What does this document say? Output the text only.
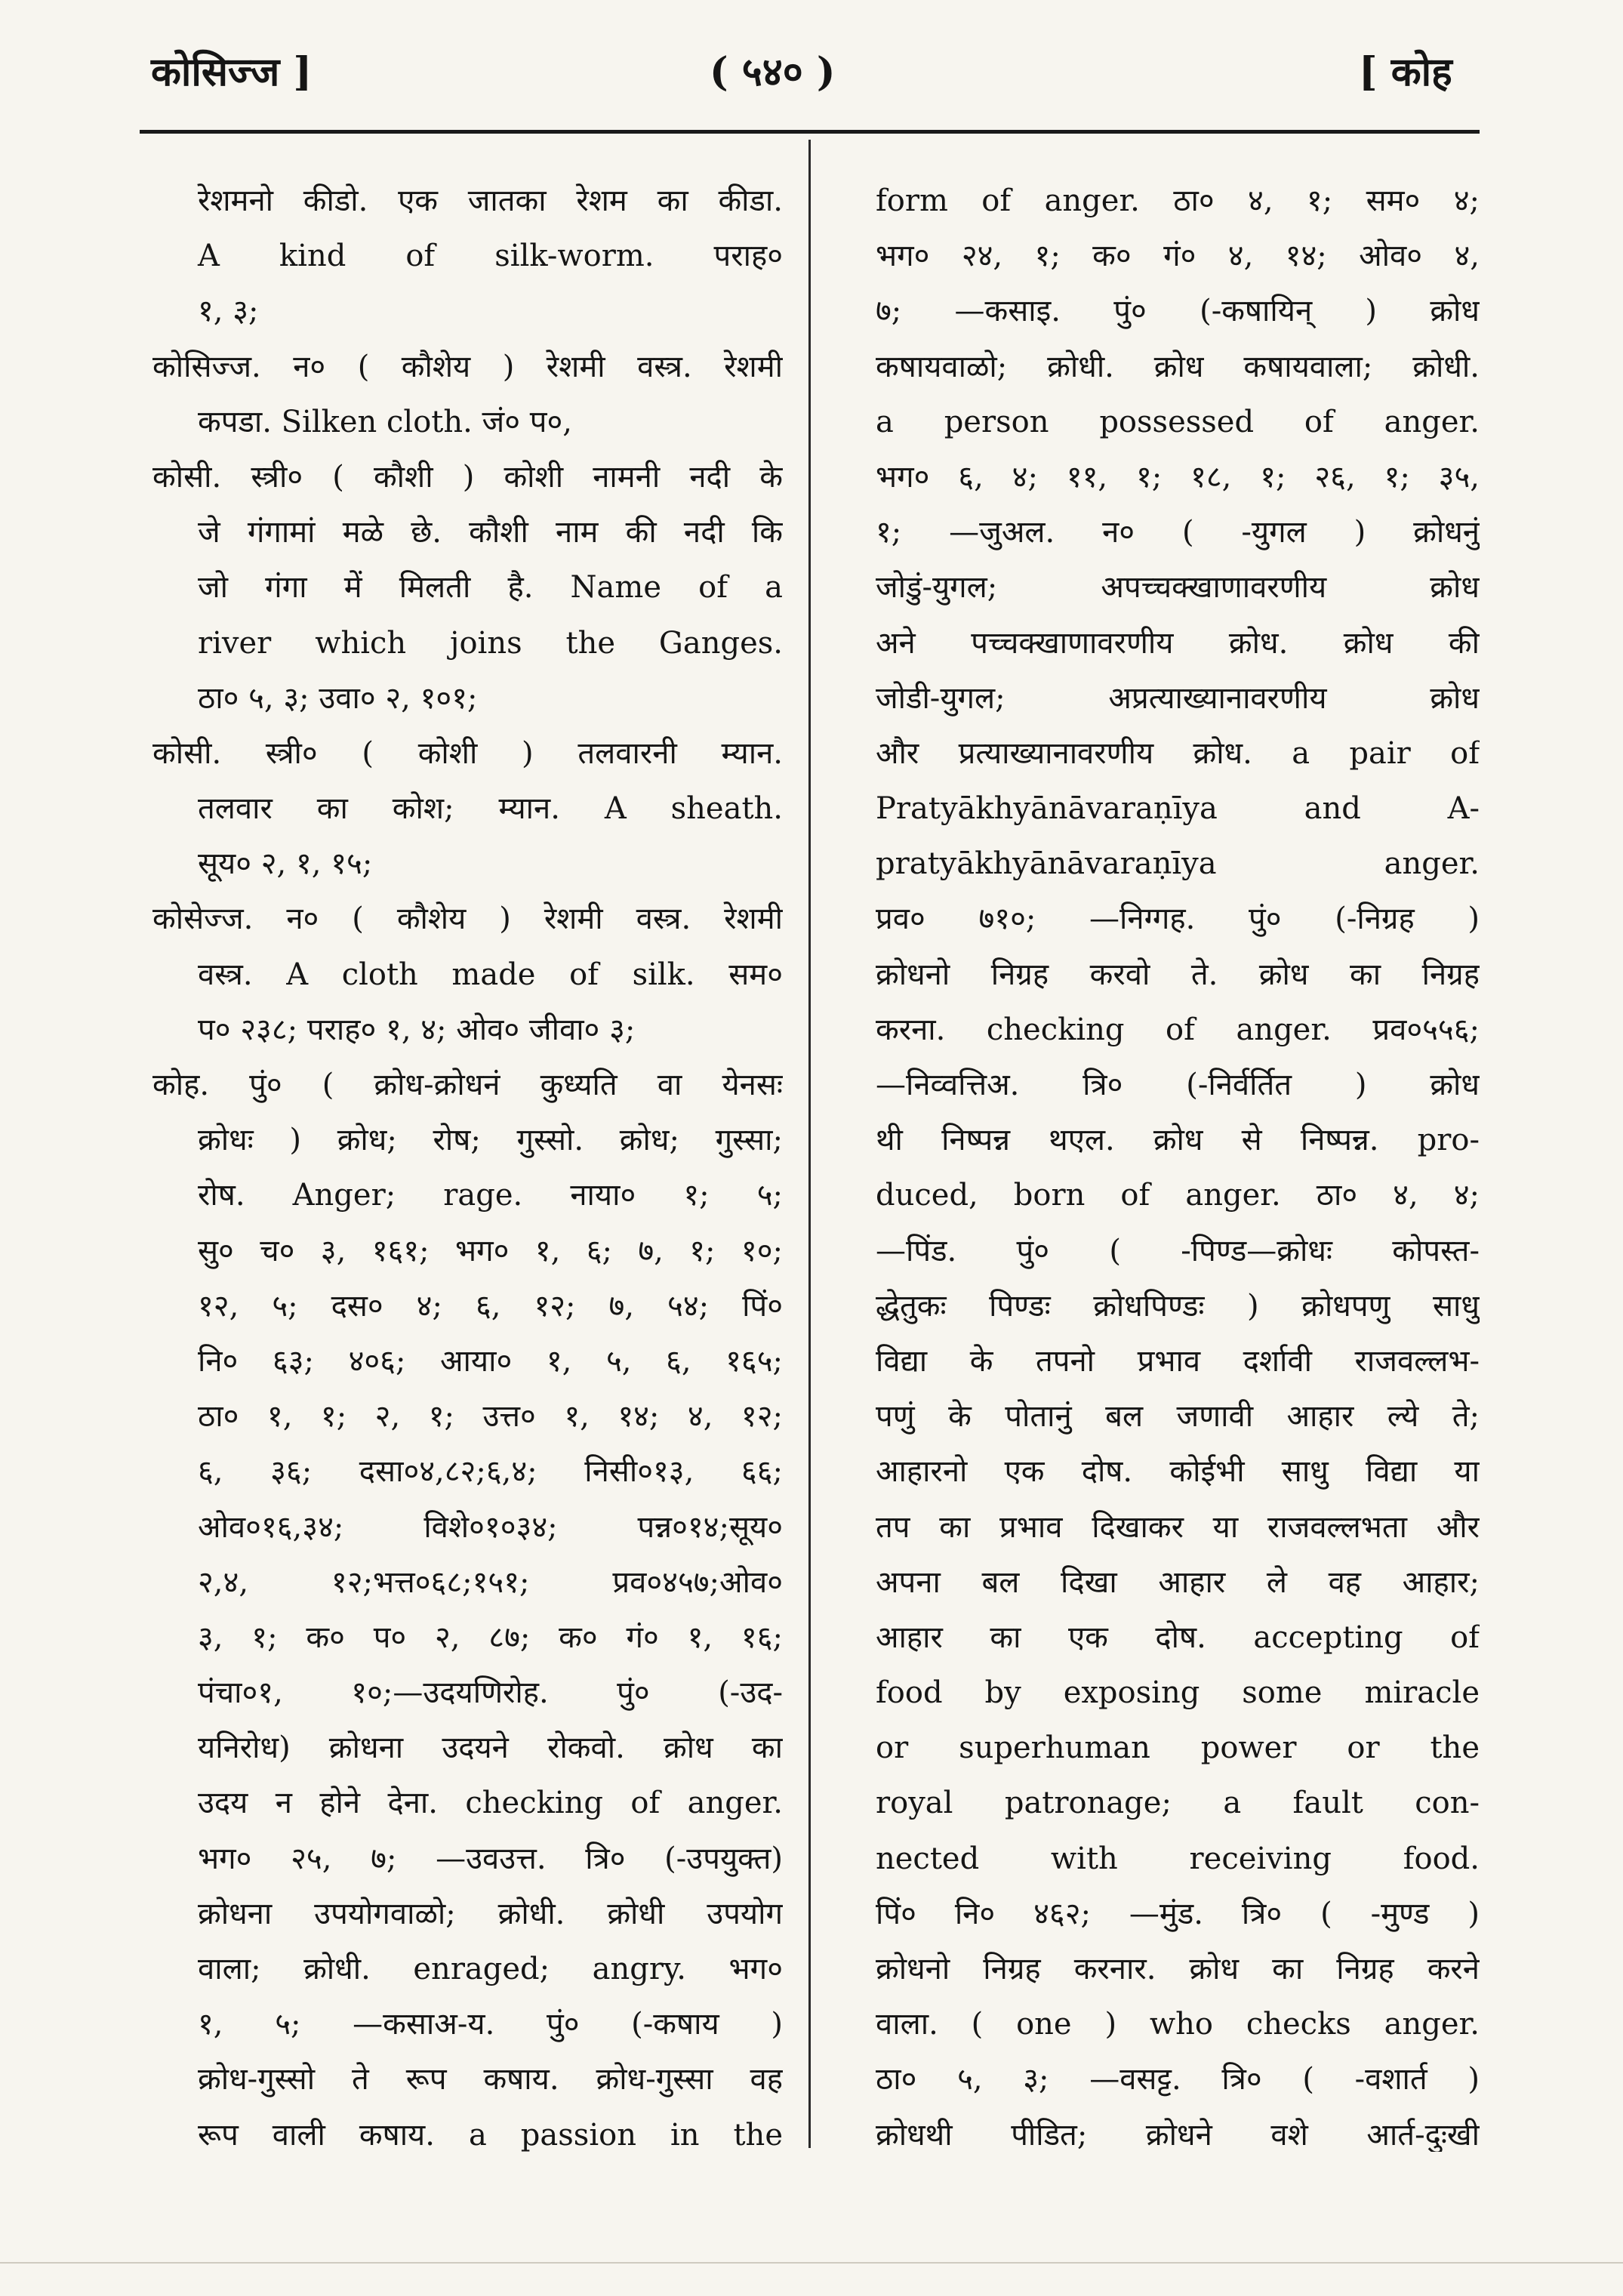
कोसिज्ज ]	( ५४० )	[ कोह
रेशमनो कीडो. एक जातका रेशम का कीडा.
A kind of silk-worm. पराह०
१, ३;
कोसिज्ज. न० ( कौशेय ) रेशमी वस्त्र. रेशमी
कपडा. Silken cloth. जं० प०,
कोसी. स्त्री० ( कौशी ) कोशी नामनी नदी के
जे गंगामां मळे छे. कौशी नाम की नदी कि
जो गंगा में मिलती है. Name of a
river which joins the Ganges.
ठा० ५, ३; उवा० २, १०१;
कोसी. स्त्री० ( कोशी ) तलवारनी म्यान.
तलवार का कोश; म्यान. A sheath.
सूय० २, १, १५;
कोसेज्ज. न० ( कौशेय ) रेशमी वस्त्र. रेशमी
वस्त्र. A cloth made of silk. सम०
प० २३८; पराह० १, ४; ओव० जीवा० ३;
कोह. पुं० ( क्रोध-क्रोधनं कुध्यति वा येनसः
क्रोधः ) क्रोध; रोष; गुस्सो. क्रोध; गुस्सा;
रोष. Anger; rage. नाया० १; ५;
सु० च० ३, १६१; भग० १, ६; ७, १; १०;
१२, ५; दस० ४; ६, १२; ७, ५४; पिं०
नि० ६३; ४०६; आया० १, ५, ६, १६५;
ठा० १, १; २, १; उत्त० १, १४; ४, १२;
६, ३६; दसा०४,८२;६,४; निसी०१३, ६६;
ओव०१६,३४; विशे०१०३४; पन्न०१४;सूय०
२,४, १२;भत्त०६८;१५१; प्रव०४५७;ओव०
३, १; क० प० २, ८७; क० गं० १, १६;
पंचा०१, १०;—उदयणिरोह. पुं० (-उद-
यनिरोध) क्रोधना उदयने रोकवो. क्रोध का
उदय न होने देना. checking of anger.
भग० २५, ७; —उवउत्त. त्रि० (-उपयुक्त)
क्रोधना उपयोगवाळो; क्रोधी. क्रोधी उपयोग
वाला; क्रोधी. enraged; angry. भग०
१, ५; —कसाअ-य. पुं० (-कषाय )
क्रोध-गुस्सो ते रूप कषाय. क्रोध-गुस्सा वह
रूप वाली कषाय. a passion in the
form of anger. ठा० ४, १; सम० ४;
भग० २४, १; क० गं० ४, १४; ओव० ४,
७; —कसाइ. पुं० (-कषायिन् ) क्रोध
कषायवाळो; क्रोधी. क्रोध कषायवाला; क्रोधी.
a person possessed of anger.
भग० ६, ४; ११, १; १८, १; २६, १; ३५,
१; —जुअल. न० ( -युगल ) क्रोधनुं
जोडुं-युगल; अपच्चक्खाणावरणीय क्रोध
अने पच्चक्खाणावरणीय क्रोध. क्रोध की
जोडी-युगल; अप्रत्याख्यानावरणीय क्रोध
और प्रत्याख्यानावरणीय क्रोध. a pair of
Pratyākhyānāvaraṇīya and A-
pratyākhyānāvaraṇīya anger.
प्रव० ७१०; —निग्गह. पुं० (-निग्रह )
क्रोधनो निग्रह करवो ते. क्रोध का निग्रह
करना. checking of anger. प्रव०५५६;
—निव्वत्तिअ. त्रि० (-निर्वर्तित ) क्रोध
थी निष्पन्न थएल. क्रोध से निष्पन्न. pro-
duced, born of anger. ठा० ४, ४;
—पिंड. पुं० ( -पिण्ड—क्रोधः कोपस्त-
द्धेतुकः पिण्डः क्रोधपिण्डः ) क्रोधपणु साधु
विद्या के तपनो प्रभाव दर्शावी राजवल्लभ-
पणुं के पोतानुं बल जणावी आहार ल्ये ते;
आहारनो एक दोष. कोईभी साधु विद्या या
तप का प्रभाव दिखाकर या राजवल्लभता और
अपना बल दिखा आहार ले वह आहार;
आहार का एक दोष. accepting of
food by exposing some miracle
or superhuman power or the
royal patronage; a fault con-
nected with receiving food.
पिं० नि० ४६२; —मुंड. त्रि० ( -मुण्ड )
क्रोधनो निग्रह करनार. क्रोध का निग्रह करने
वाला. ( one ) who checks anger.
ठा० ५, ३; —वसट्ट. त्रि० ( -वशार्त )
क्रोधथी पीडित; क्रोधने वशे आर्त-दुःखी
